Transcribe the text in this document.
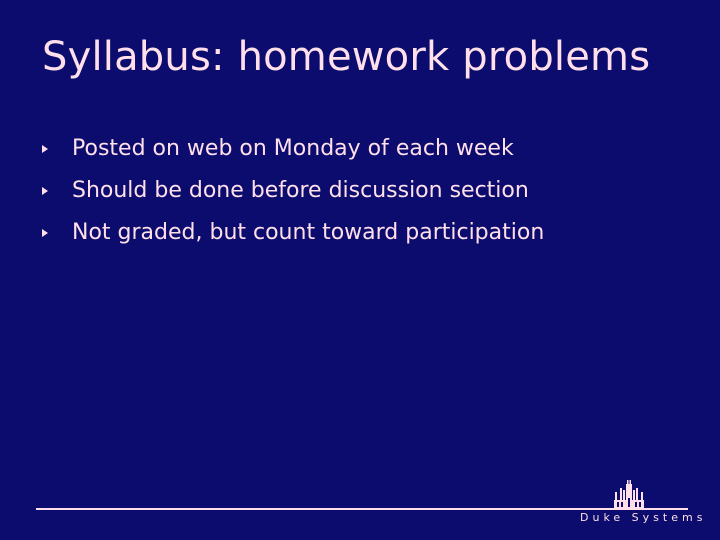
Syllabus: homework problems
Posted on web on Monday of each week
Should be done before discussion section
Not graded, but count toward participation
Duke Systems
